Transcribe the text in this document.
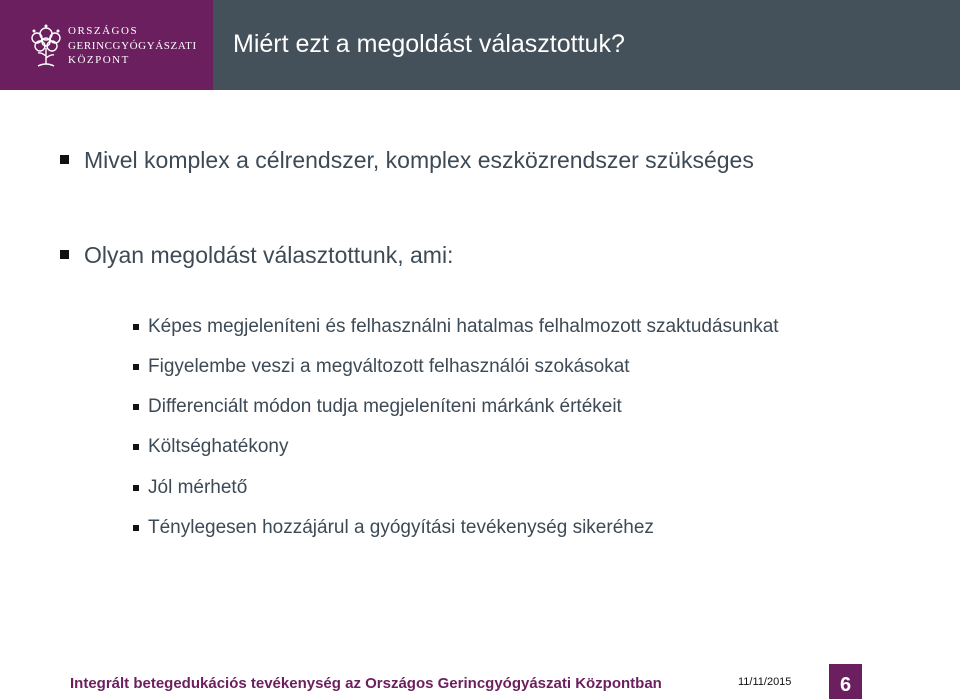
ORSZÁGOS
GERINCGYÓGYÁSZATI
KÖZPONT
Miért ezt a megoldást választottuk?
Mivel komplex a célrendszer, komplex eszközrendszer szükséges
Olyan megoldást választottunk, ami:
Képes megjeleníteni és felhasználni hatalmas felhalmozott szaktudásunkat
Figyelembe veszi a megváltozott felhasználói szokásokat
Differenciált módon tudja megjeleníteni márkánk értékeit
Költséghatékony
Jól mérhető
Ténylegesen hozzájárul a gyógyítási tevékenység sikeréhez
Integrált betegedukációs tevékenység az Országos Gerincgyógyászati Központban	11/11/2015	6
